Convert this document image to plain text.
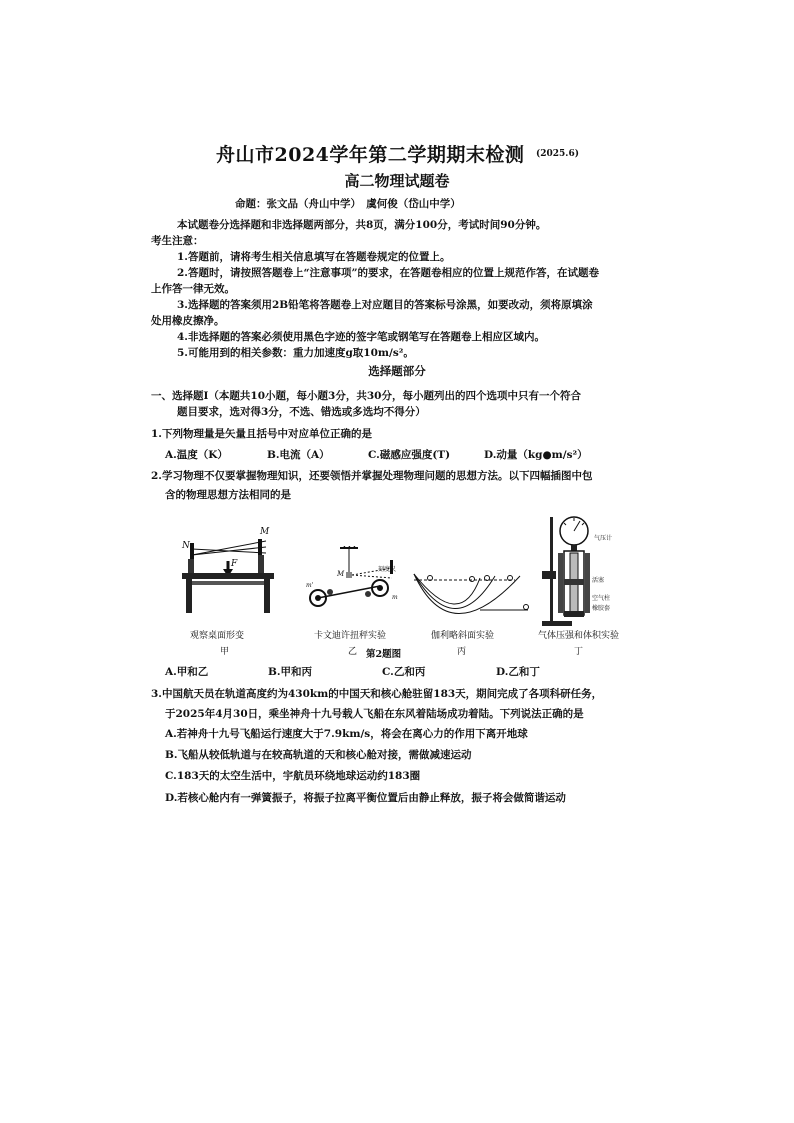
舟山市2024学年第二学期期末检测 (2025.6)
高二物理试题卷
命题：张文品（舟山中学）　虞何俊（岱山中学）
本试题卷分选择题和非选择题两部分，共8页，满分100分，考试时间90分钟。
考生注意：
1.答题前，请将考生相关信息填写在答题卷规定的位置上。
2.答题时，请按照答题卷上“注意事项”的要求，在答题卷相应的位置上规范作答，在试题卷
上作答一律无效。
3.选择题的答案须用2B铅笔将答题卷上对应题目的答案标号涂黑，如要改动，须将原填涂
处用橡皮擦净。
4.非选择题的答案必须使用黑色字迹的签字笔或钢笔写在答题卷上相应区域内。
5.可能用到的相关参数：重力加速度g取10m/s²。
选择题部分
一、选择题Ⅰ（本题共10小题，每小题3分，共30分，每小题列出的四个选项中只有一个符合
题目要求，选对得3分，不选、错选或多选均不得分）
1.下列物理量是矢量且括号中对应单位正确的是
A.温度（K）	B.电流（A）	C.磁感应强度(T)	D.动量（kg●m/s²）
2.学习物理不仅要掌握物理知识，还要领悟并掌握处理物理问题的思想方法。以下四幅插图中包
含的物理思想方法相同的是
N
M
F
观察桌面形变
甲
M
刻度尺
m'
m
卡文迪许扭秤实验
乙
伽利略斜面实验
丙
气压计
活塞
空气柱
橡胶套
气体压强和体积实验
丁
第2题图
A.甲和乙	B.甲和丙	C.乙和丙	D.乙和丁
3.中国航天员在轨道高度约为430km的中国天和核心舱驻留183天，期间完成了各项科研任务，
于2025年4月30日，乘坐神舟十九号载人飞船在东风着陆场成功着陆。下列说法正确的是
A.若神舟十九号飞船运行速度大于7.9km/s，将会在离心力的作用下离开地球
B.飞船从较低轨道与在较高轨道的天和核心舱对接，需做减速运动
C.183天的太空生活中，宇航员环绕地球运动约183圈
D.若核心舱内有一弹簧振子，将振子拉离平衡位置后由静止释放，振子将会做简谐运动
